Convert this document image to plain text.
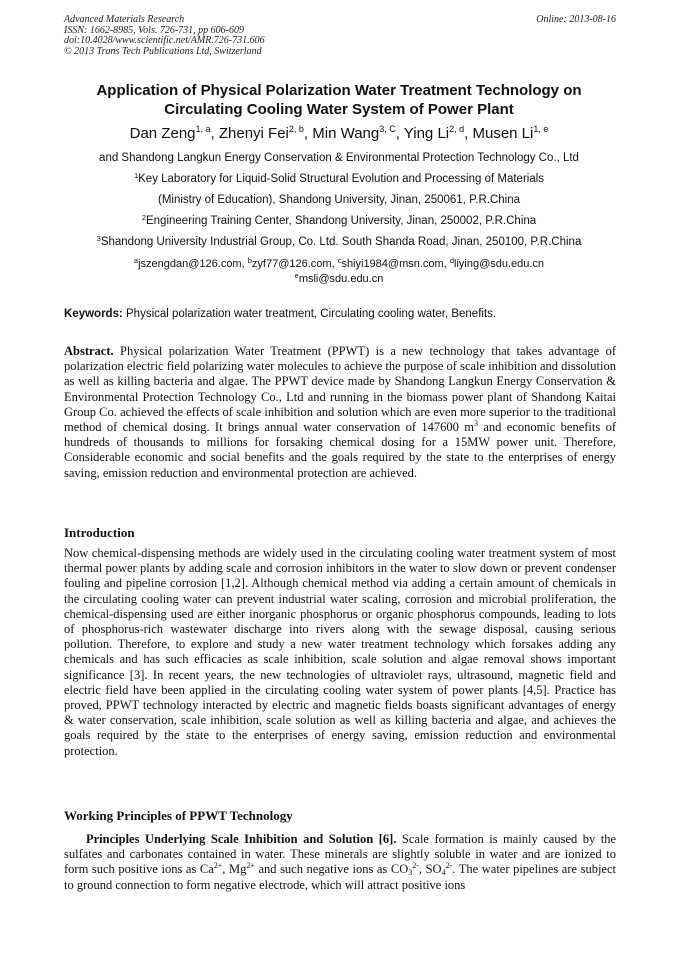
Advanced Materials Research
ISSN: 1662-8985, Vols. 726-731, pp 606-609
doi:10.4028/www.scientific.net/AMR.726-731.606
© 2013 Trans Tech Publications Ltd, Switzerland
Online: 2013-08-16
Application of Physical Polarization Water Treatment Technology on
Circulating Cooling Water System of Power Plant
Dan Zeng$^{1, a}$, Zhenyi Fei$^{2, b}$, Min Wang$^{3, C}$, Ying Li$^{2, d}$, Musen Li$^{1, e}$
and Shandong Langkun Energy Conservation & Environmental Protection Technology Co., Ltd
$^1$Key Laboratory for Liquid-Solid Structural Evolution and Processing of Materials
(Ministry of Education), Shandong University, Jinan, 250061, P.R.China
$^2$Engineering Training Center, Shandong University, Jinan, 250002, P.R.China
$^3$Shandong University Industrial Group, Co. Ltd. South Shanda Road, Jinan, 250100, P.R.China
$^a$jszengdan@126.com, $^b$zyf77@126.com, $^c$shiyi1984@msn.com, $^d$liying@sdu.edu.cn
$^e$msli@sdu.edu.cn
Keywords: Physical polarization water treatment, Circulating cooling water, Benefits.
Abstract. Physical polarization Water Treatment (PPWT) is a new technology that takes advantage of polarization electric field polarizing water molecules to achieve the purpose of scale inhibition and dissolution as well as killing bacteria and algae. The PPWT device made by Shandong Langkun Energy Conservation & Environmental Protection Technology Co., Ltd and running in the biomass power plant of Shandong Kaitai Group Co. achieved the effects of scale inhibition and solution which are even more superior to the traditional method of chemical dosing. It brings annual water conservation of 147600 $m^3$ and economic benefits of hundreds of thousands to millions for forsaking chemical dosing for a 15MW power unit. Therefore, Considerable economic and social benefits and the goals required by the state to the enterprises of energy saving, emission reduction and environmental protection are achieved.
Introduction
Now chemical-dispensing methods are widely used in the circulating cooling water treatment system of most thermal power plants by adding scale and corrosion inhibitors in the water to slow down or prevent condenser fouling and pipeline corrosion [1,2]. Although chemical method via adding a certain amount of chemicals in the circulating cooling water can prevent industrial water scaling, corrosion and microbial proliferation, the chemical-dispensing used are either inorganic phosphorus or organic phosphorus compounds, leading to lots of phosphorus-rich wastewater discharge into rivers along with the sewage disposal, causing serious pollution. Therefore, to explore and study a new water treatment technology which forsakes adding any chemicals and has such efficacies as scale inhibition, scale solution and algae removal shows important significance [3]. In recent years, the new technologies of ultraviolet rays, ultrasound, magnetic field and electric field have been applied in the circulating cooling water system of power plants [4,5]. Practice has proved, PPWT technology interacted by electric and magnetic fields boasts significant advantages of energy & water conservation, scale inhibition, scale solution as well as killing bacteria and algae, and achieves the goals required by the state to the enterprises of energy saving, emission reduction and environmental protection.
Working Principles of PPWT Technology
Principles Underlying Scale Inhibition and Solution [6]. Scale formation is mainly caused by the sulfates and carbonates contained in water. These minerals are slightly soluble in water and are ionized to form such positive ions as $Ca^{2+}$, $Mg^{2+}$ and such negative ions as $CO_3^{2-}$, $SO_4^{2-}$. The water pipelines are subject to ground connection to form negative electrode, which will attract positive ions
